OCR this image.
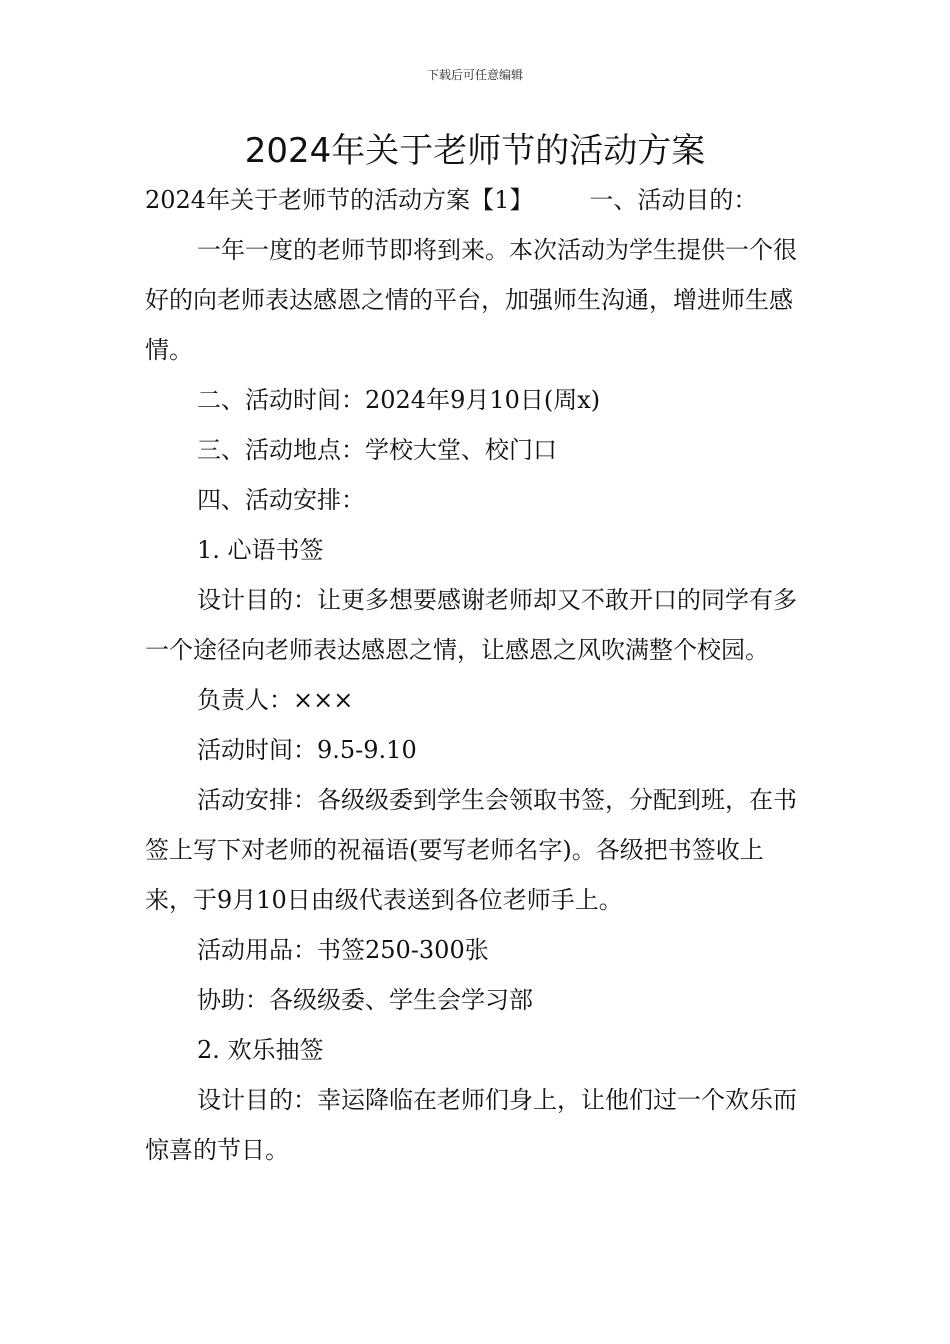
下载后可任意编辑
2024年关于老师节的活动方案

2024年关于老师节的活动方案【1】 一、活动目的：

一年一度的老师节即将到来。本次活动为学生提供一个很好的向老师表达感恩之情的平台，加强师生沟通，增进师生感情。

二、活动时间：2024年9月10日(周x)

三、活动地点：学校大堂、校门口

四、活动安排：

1. 心语书签

设计目的：让更多想要感谢老师却又不敢开口的同学有多一个途径向老师表达感恩之情，让感恩之风吹满整个校园。

负责人：×××

活动时间：9.5-9.10

活动安排：各级级委到学生会领取书签，分配到班，在书签上写下对老师的祝福语(要写老师名字)。各级把书签收上来，于9月10日由级代表送到各位老师手上。

活动用品：书签250-300张

协助：各级级委、学生会学习部

2. 欢乐抽签

设计目的：幸运降临在老师们身上，让他们过一个欢乐而惊喜的节日。
